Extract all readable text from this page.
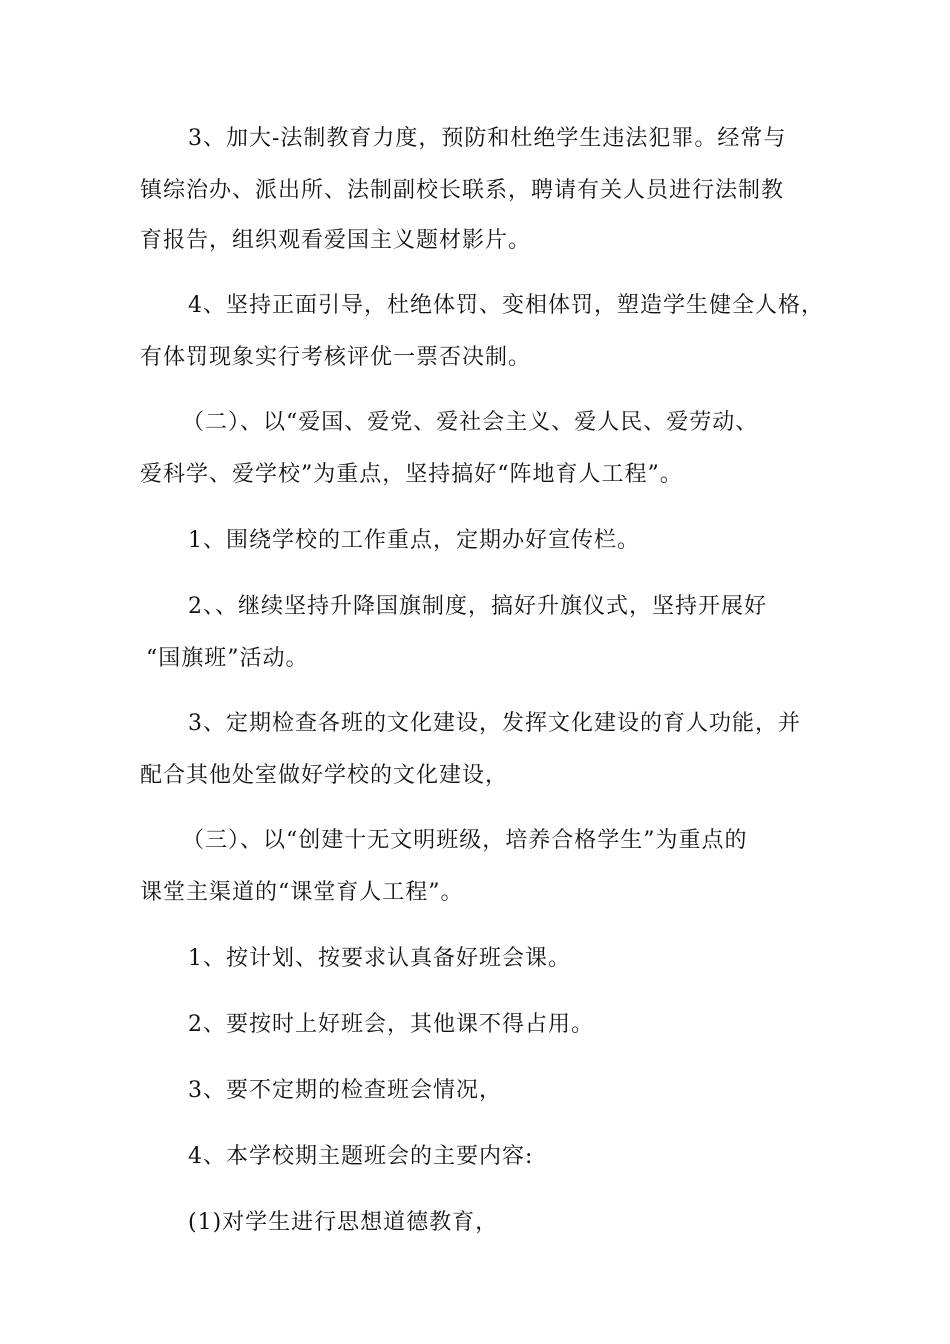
3、加大-法制教育力度，预防和杜绝学生违法犯罪。经常与
镇综治办、派出所、法制副校长联系，聘请有关人员进行法制教
育报告，组织观看爱国主义题材影片。
4、坚持正面引导，杜绝体罚、变相体罚，塑造学生健全人格，
有体罚现象实行考核评优一票否决制。
（二）、以“爱国、爱党、爱社会主义、爱人民、爱劳动、
爱科学、爱学校”为重点，坚持搞好“阵地育人工程”。
1、围绕学校的工作重点，定期办好宣传栏。
2、、继续坚持升降国旗制度，搞好升旗仪式，坚持开展好
“国旗班”活动。
3、定期检查各班的文化建设，发挥文化建设的育人功能，并
配合其他处室做好学校的文化建设，
（三）、以“创建十无文明班级，培养合格学生”为重点的
课堂主渠道的“课堂育人工程”。
1、按计划、按要求认真备好班会课。
2、要按时上好班会，其他课不得占用。
3、要不定期的检查班会情况，
4、本学校期主题班会的主要内容:
(1)对学生进行思想道德教育，
